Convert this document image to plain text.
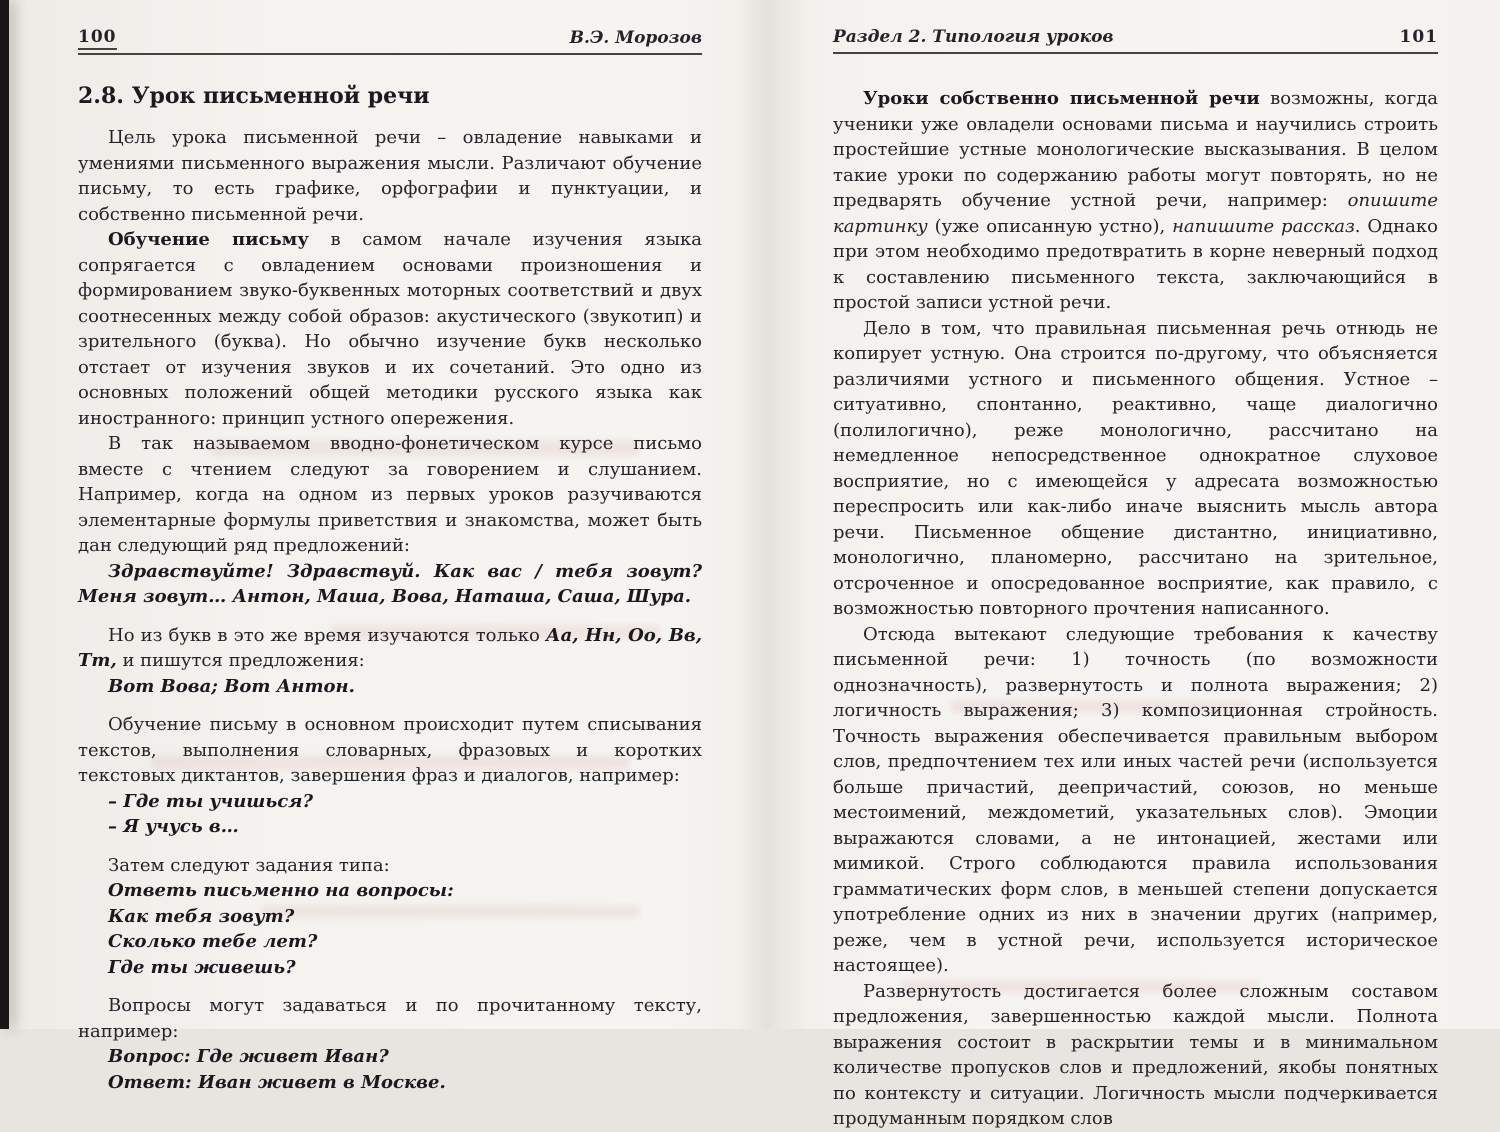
100	В.Э. Морозов
2.8. Урок письменной речи

Цель урока письменной речи – овладение навыками и умениями письменного выражения мысли. Различают обучение письму, то есть графике, орфографии и пунктуации, и собственно письменной речи.

Обучение письму в самом начале изучения языка сопрягается с овладением основами произношения и формированием звуко-буквенных моторных соответствий и двух соотнесенных между собой образов: акустического (звукотип) и зрительного (буква). Но обычно изучение букв несколько отстает от изучения звуков и их сочетаний. Это одно из основных положений общей методики русского языка как иностранного: принцип устного опережения.

В так называемом вводно-фонетическом курсе письмо вместе с чтением следуют за говорением и слушанием. Например, когда на одном из первых уроков разучиваются элементарные формулы приветствия и знакомства, может быть дан следующий ряд предложений:

Здравствуйте! Здравствуй. Как вас / тебя зовут? Меня зовут… Антон, Маша, Вова, Наташа, Саша, Шура.

Но из букв в это же время изучаются только Аа, Нн, Оо, Вв, Тт, и пишутся предложения:

Вот Вова; Вот Антон.

Обучение письму в основном происходит путем списывания текстов, выполнения словарных, фразовых и коротких текстовых диктантов, завершения фраз и диалогов, например:

– Где ты учишься?

– Я учусь в…

Затем следуют задания типа:

Ответь письменно на вопросы:

Как тебя зовут?

Сколько тебе лет?

Где ты живешь?

Вопросы могут задаваться и по прочитанному тексту, например:

Вопрос: Где живет Иван?

Ответ: Иван живет в Москве.

Раздел 2. Типология уроков	101

Уроки собственно письменной речи возможны, когда ученики уже овладели основами письма и научились строить простейшие устные монологические высказывания. В целом такие уроки по содержанию работы могут повторять, но не предварять обучение устной речи, например: опишите картинку (уже описанную устно), напишите рассказ. Однако при этом необходимо предотвратить в корне неверный подход к составлению письменного текста, заключающийся в простой записи устной речи.

Дело в том, что правильная письменная речь отнюдь не копирует устную. Она строится по-другому, что объясняется различиями устного и письменного общения. Устное – ситуативно, спонтанно, реактивно, чаще диалогично (полилогично), реже монологично, рассчитано на немедленное непосредственное однократное слуховое восприятие, но с имеющейся у адресата возможностью переспросить или как-либо иначе выяснить мысль автора речи. Письменное общение дистантно, инициативно, монологично, планомерно, рассчитано на зрительное, отсроченное и опосредованное восприятие, как правило, с возможностью повторного прочтения написанного.

Отсюда вытекают следующие требования к качеству письменной речи: 1) точность (по возможности однозначность), развернутость и полнота выражения; 2) логичность выражения; 3) композиционная стройность. Точность выражения обеспечивается правильным выбором слов, предпочтением тех или иных частей речи (используется больше причастий, деепричастий, союзов, но меньше местоимений, междометий, указательных слов). Эмоции выражаются словами, а не интонацией, жестами или мимикой. Строго соблюдаются правила использования грамматических форм слов, в меньшей степени допускается употребление одних из них в значении других (например, реже, чем в устной речи, используется историческое настоящее).

Развернутость достигается более сложным составом предложения, завершенностью каждой мысли. Полнота выражения состоит в раскрытии темы и в минимальном количестве пропусков слов и предложений, якобы понятных по контексту и ситуации. Логичность мысли подчеркивается продуманным порядком слов
